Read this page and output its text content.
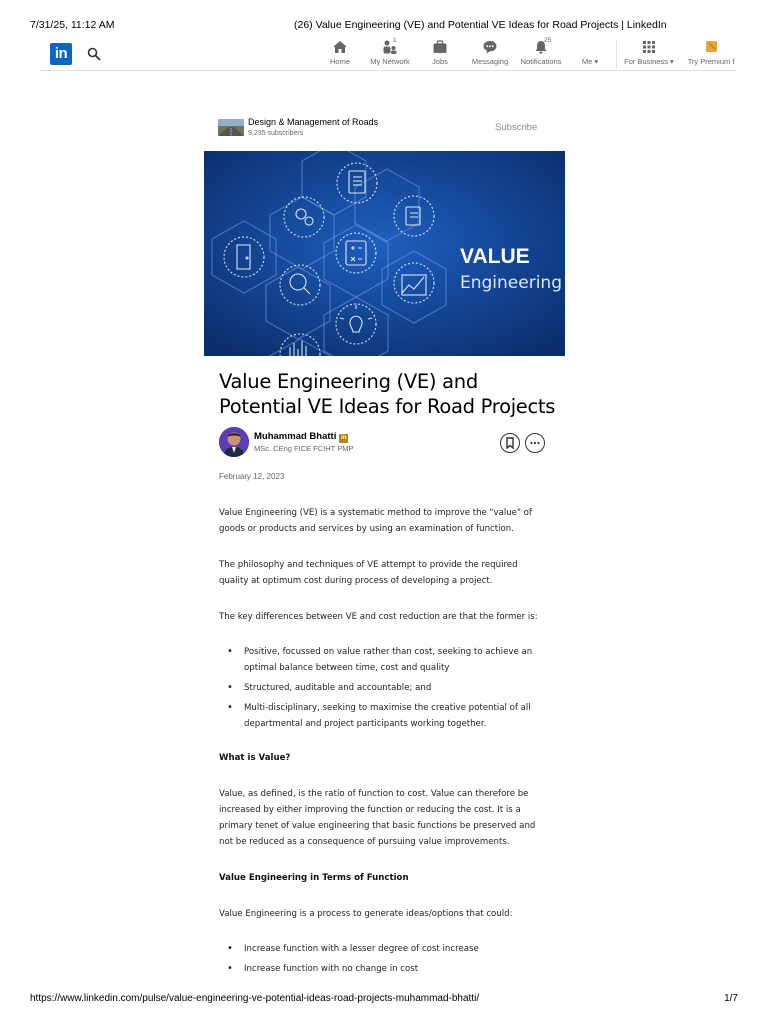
7/31/25, 11:12 AM	(26) Value Engineering (VE) and Potential VE Ideas for Road Projects | LinkedIn
in	Home
1
My Network	Jobs	Messaging
25
Notifications	Me ▾	For Business ▾ Try Premium f
Design & Management of Roads
9,235 subscribers
Subscribe
VALUE
Engineering
Value Engineering (VE) and Potential VE Ideas for Road Projects
Muhammad Bhatti in
MSc. CEng FICE FCIHT PMP
February 12, 2023

Value Engineering (VE) is a systematic method to improve the "value" of goods or products and services by using an examination of function.

The philosophy and techniques of VE attempt to provide the required quality at optimum cost during process of developing a project.

The key differences between VE and cost reduction are that the former is:

• Positive, focussed on value rather than cost, seeking to achieve an optimal balance between time, cost and quality
• Structured, auditable and accountable; and
• Multi-disciplinary, seeking to maximise the creative potential of all departmental and project participants working together.
What is Value?

Value, as defined, is the ratio of function to cost. Value can therefore be increased by either improving the function or reducing the cost. It is a primary tenet of value engineering that basic functions be preserved and not be reduced as a consequence of pursuing value improvements.

Value Engineering in Terms of Function

Value Engineering is a process to generate ideas/options that could:

• Increase function with a lesser degree of cost increase
• Increase function with no change in cost
https://www.linkedin.com/pulse/value-engineering-ve-potential-ideas-road-projects-muhammad-bhatti/	1/7
